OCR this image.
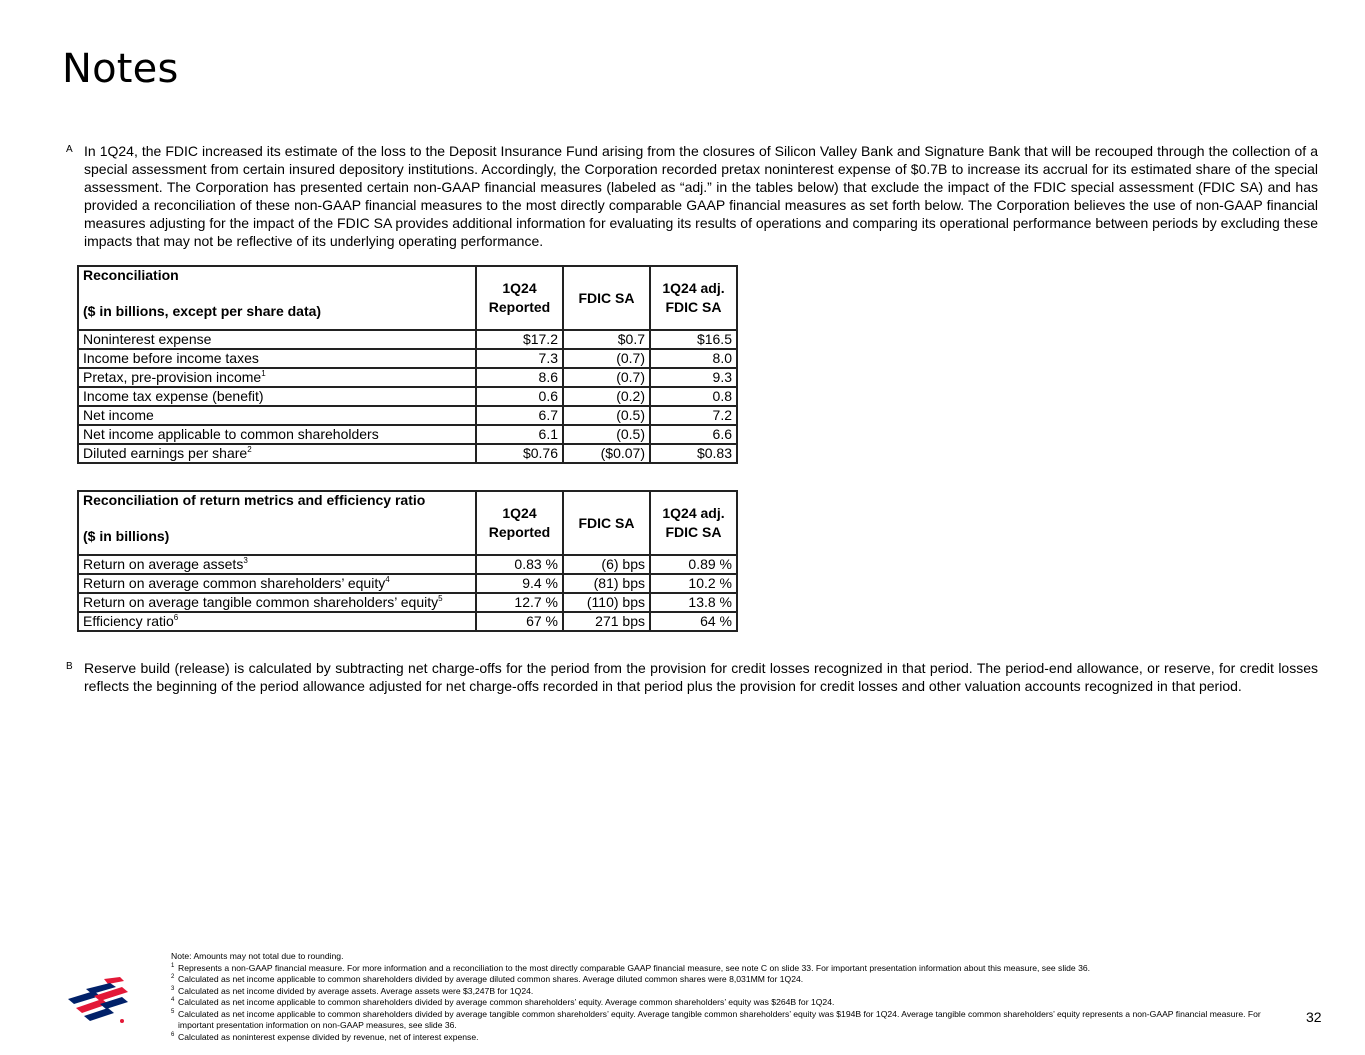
Notes
A In 1Q24, the FDIC increased its estimate of the loss to the Deposit Insurance Fund arising from the closures of Silicon Valley Bank and Signature Bank that will be recouped through the collection of a special assessment from certain insured depository institutions. Accordingly, the Corporation recorded pretax noninterest expense of $0.7B to increase its accrual for its estimated share of the special assessment. The Corporation has presented certain non-GAAP financial measures (labeled as “adj.” in the tables below) that exclude the impact of the FDIC special assessment (FDIC SA) and has provided a reconciliation of these non-GAAP financial measures to the most directly comparable GAAP financial measures as set forth below. The Corporation believes the use of non-GAAP financial measures adjusting for the impact of the FDIC SA provides additional information for evaluating its results of operations and comparing its operational performance between periods by excluding these impacts that may not be reflective of its underlying operating performance.
Reconciliation
($ in billions, except per share data)	1Q24 Reported	FDIC SA	1Q24 adj. FDIC SA
Noninterest expense	$17.2	$0.7	$16.5
Income before income taxes	7.3	(0.7)	8.0
Pretax, pre-provision income$^1$	8.6	(0.7)	9.3
Income tax expense (benefit)	0.6	(0.2)	0.8
Net income	6.7	(0.5)	7.2
Net income applicable to common shareholders	6.1	(0.5)	6.6
Diluted earnings per share$^2$	$0.76	($0.07)	$0.83
Reconciliation of return metrics and efficiency ratio
($ in billions)	1Q24 Reported	FDIC SA	1Q24 adj. FDIC SA
Return on average assets$^3$	0.83 %	(6) bps	0.89 %
Return on average common shareholders’ equity$^4$	9.4 %	(81) bps	10.2 %
Return on average tangible common shareholders’ equity$^5$	12.7 %	(110) bps	13.8 %
Efficiency ratio$^6$	67 %	271 bps	64 %
B Reserve build (release) is calculated by subtracting net charge-offs for the period from the provision for credit losses recognized in that period. The period-end allowance, or reserve, for credit losses reflects the beginning of the period allowance adjusted for net charge-offs recorded in that period plus the provision for credit losses and other valuation accounts recognized in that period.
Note: Amounts may not total due to rounding.
1 Represents a non-GAAP financial measure. For more information and a reconciliation to the most directly comparable GAAP financial measure, see note C on slide 33. For important presentation information about this measure, see slide 36.
2 Calculated as net income applicable to common shareholders divided by average diluted common shares. Average diluted common shares were 8,031MM for 1Q24.
3 Calculated as net income divided by average assets. Average assets were $3,247B for 1Q24.
4 Calculated as net income applicable to common shareholders divided by average common shareholders’ equity. Average common shareholders’ equity was $264B for 1Q24.
5 Calculated as net income applicable to common shareholders divided by average tangible common shareholders’ equity. Average tangible common shareholders’ equity was $194B for 1Q24. Average tangible common shareholders’ equity represents a non-GAAP financial measure. For important presentation information on non-GAAP measures, see slide 36.
6 Calculated as noninterest expense divided by revenue, net of interest expense.
32
